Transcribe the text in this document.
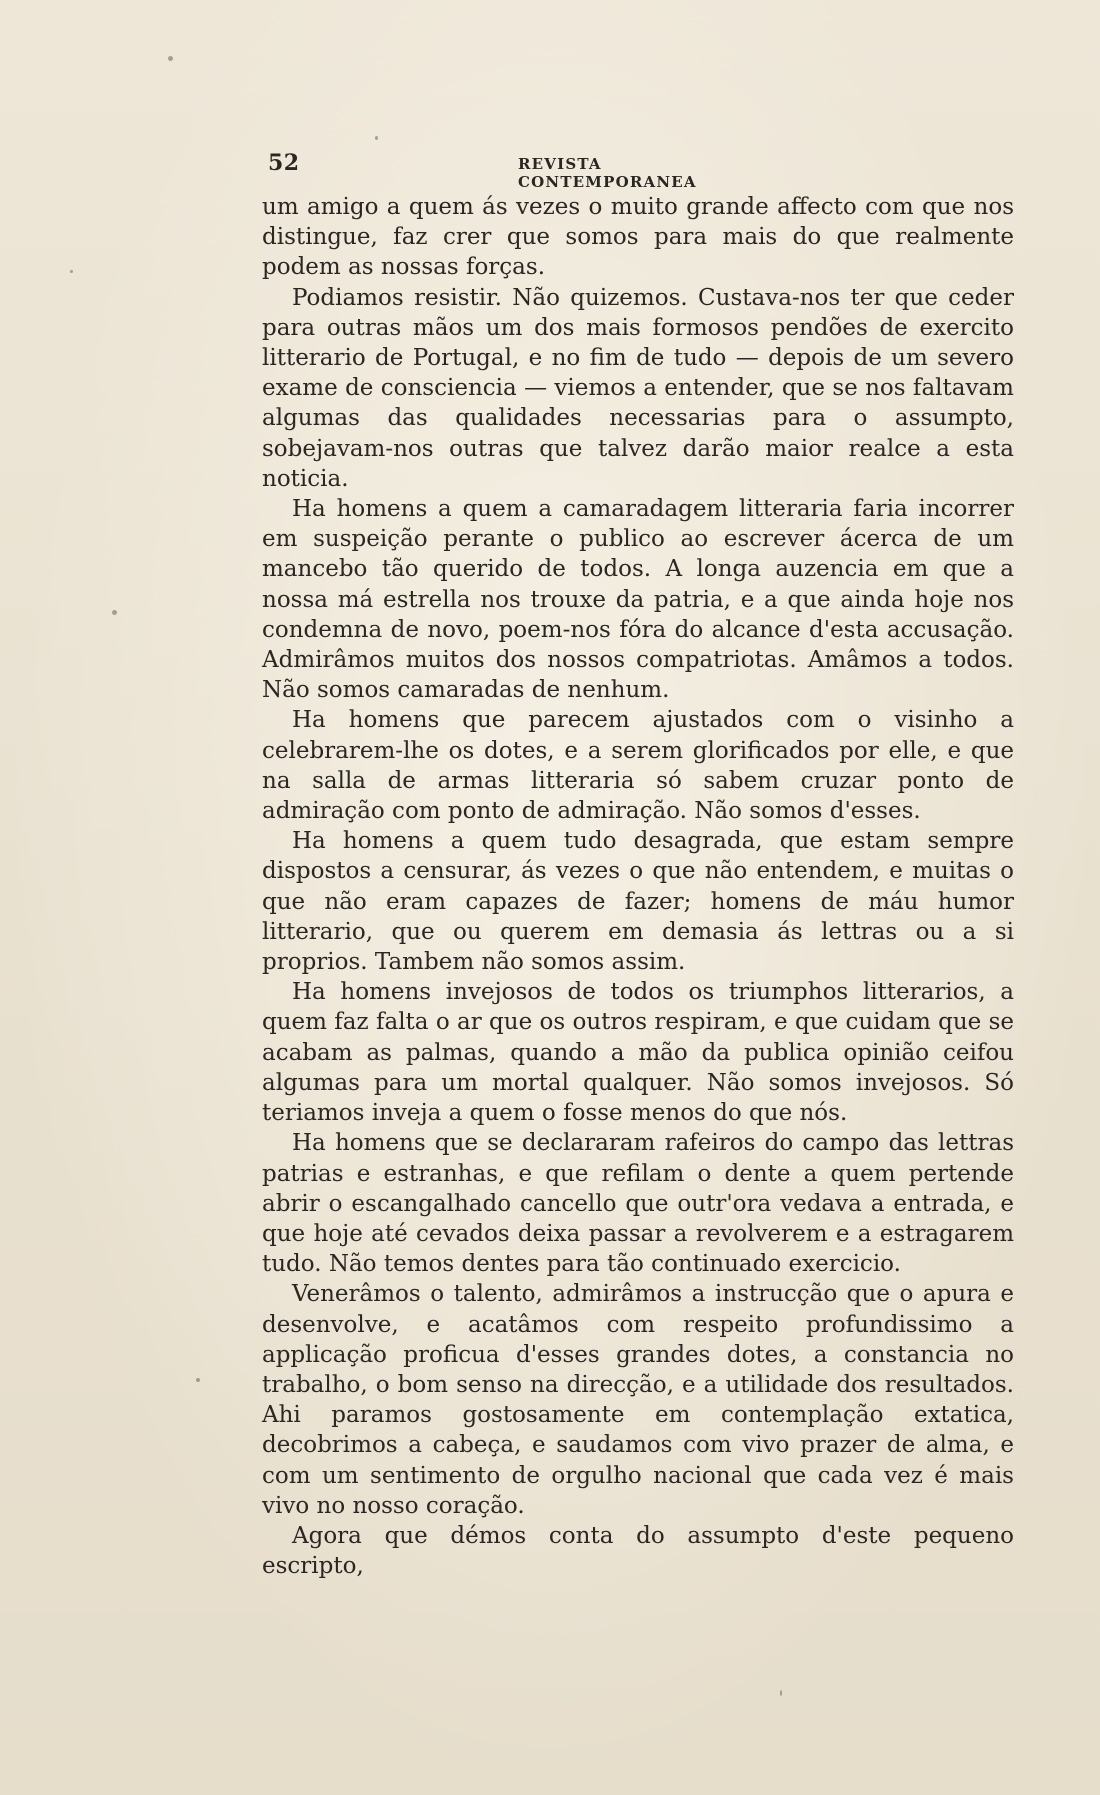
52	REVISTA CONTEMPORANEA

um amigo a quem ás vezes o muito grande affecto com que nos distingue, faz crer que somos para mais do que realmente podem as nossas forças.

Podiamos resistir. Não quizemos. Custava-nos ter que ceder para outras mãos um dos mais formosos pendões de exercito litterario de Portugal, e no fim de tudo — depois de um severo exame de consciencia — viemos a entender, que se nos faltavam algumas das qualidades necessarias para o assumpto, sobejavam-nos outras que talvez darão maior realce a esta noticia.

Ha homens a quem a camaradagem litteraria faria incorrer em suspeição perante o publico ao escrever ácerca de um mancebo tão querido de todos. A longa auzencia em que a nossa má estrella nos trouxe da patria, e a que ainda hoje nos condemna de novo, poem-nos fóra do alcance d'esta accusação. Admirâmos muitos dos nossos compatriotas. Amâmos a todos. Não somos camaradas de nenhum.

Ha homens que parecem ajustados com o visinho a celebrarem-lhe os dotes, e a serem glorificados por elle, e que na salla de armas litteraria só sabem cruzar ponto de admiração com ponto de admiração. Não somos d'esses.

Ha homens a quem tudo desagrada, que estam sempre dispostos a censurar, ás vezes o que não entendem, e muitas o que não eram capazes de fazer; homens de máu humor litterario, que ou querem em demasia ás lettras ou a si proprios. Tambem não somos assim.

Ha homens invejosos de todos os triumphos litterarios, a quem faz falta o ar que os outros respiram, e que cuidam que se acabam as palmas, quando a mão da publica opinião ceifou algumas para um mortal qualquer. Não somos invejosos. Só teriamos inveja a quem o fosse menos do que nós.

Ha homens que se declararam rafeiros do campo das lettras patrias e estranhas, e que refilam o dente a quem pertende abrir o escangalhado cancello que outr'ora vedava a entrada, e que hoje até cevados deixa passar a revolverem e a estragarem tudo. Não temos dentes para tão continuado exercicio.

Venerâmos o talento, admirâmos a instrucção que o apura e desenvolve, e acatâmos com respeito profundissimo a applicação proficua d'esses grandes dotes, a constancia no trabalho, o bom senso na direcção, e a utilidade dos resultados. Ahi paramos gostosamente em contemplação extatica, decobrimos a cabeça, e saudamos com vivo prazer de alma, e com um sentimento de orgulho nacional que cada vez é mais vivo no nosso coração.

Agora que démos conta do assumpto d'este pequeno escripto,
